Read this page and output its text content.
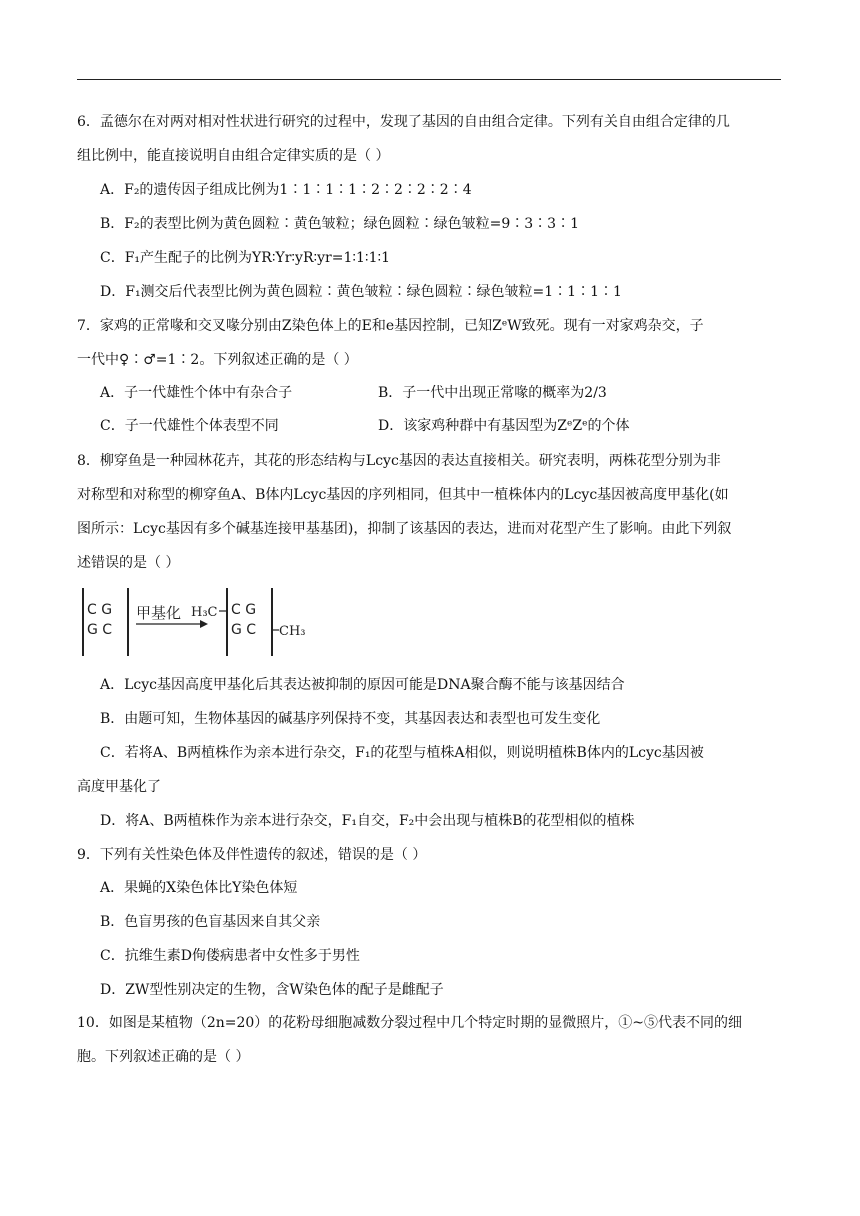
6．孟德尔在对两对相对性状进行研究的过程中，发现了基因的自由组合定律。下列有关自由组合定律的几
组比例中，能直接说明自由组合定律实质的是（ ）
A．F₂的遗传因子组成比例为1∶1∶1∶1∶2∶2∶2∶2∶4
B．F₂的表型比例为黄色圆粒∶黄色皱粒；绿色圆粒∶绿色皱粒=9∶3∶3∶1
C．F₁产生配子的比例为YR∶Yr∶yR∶yr=1∶1∶1∶1
D．F₁测交后代表型比例为黄色圆粒∶黄色皱粒∶绿色圆粒∶绿色皱粒=1∶1∶1∶1
7．家鸡的正常喙和交叉喙分别由Z染色体上的E和e基因控制，已知ZᵉW致死。现有一对家鸡杂交，子
一代中♀∶♂=1∶2。下列叙述正确的是（ ）
A．子一代雄性个体中有杂合子	B．子一代中出现正常喙的概率为2/3
C．子一代雄性个体表型不同	D．该家鸡种群中有基因型为ZᵉZᵉ的个体
8．柳穿鱼是一种园林花卉，其花的形态结构与Lcyc基因的表达直接相关。研究表明，两株花型分别为非
对称型和对称型的柳穿鱼A、B体内Lcyc基因的序列相同，但其中一植株体内的Lcyc基因被高度甲基化(如
图所示：Lcyc基因有多个碱基连接甲基基团)，抑制了该基因的表达，进而对花型产生了影响。由此下列叙
述错误的是（ ）
C G
G C
甲基化 H₃C C G
G C CH₃
A．Lcyc基因高度甲基化后其表达被抑制的原因可能是DNA聚合酶不能与该基因结合
B．由题可知，生物体基因的碱基序列保持不变，其基因表达和表型也可发生变化
C．若将A、B两植株作为亲本进行杂交，F₁的花型与植株A相似，则说明植株B体内的Lcyc基因被
高度甲基化了
D．将A、B两植株作为亲本进行杂交，F₁自交，F₂中会出现与植株B的花型相似的植株
9．下列有关性染色体及伴性遗传的叙述，错误的是（ ）
A．果蝇的X染色体比Y染色体短
B．色盲男孩的色盲基因来自其父亲
C．抗维生素D佝偻病患者中女性多于男性
D．ZW型性别决定的生物，含W染色体的配子是雌配子
10．如图是某植物（2n=20）的花粉母细胞减数分裂过程中几个特定时期的显微照片，①~⑤代表不同的细
胞。下列叙述正确的是（ ）
